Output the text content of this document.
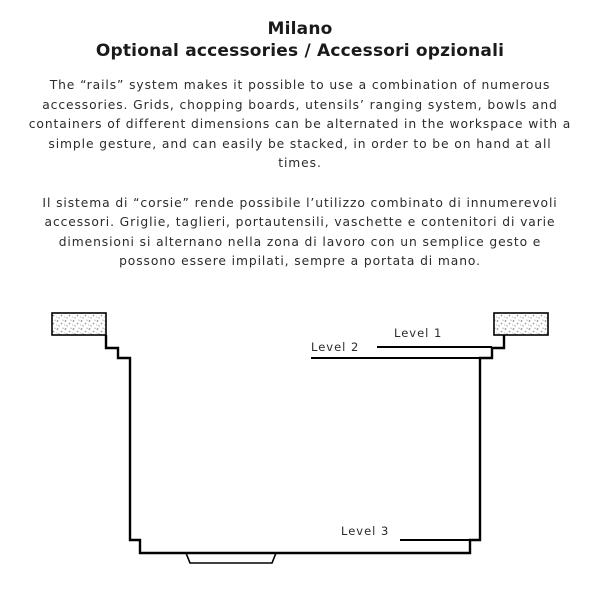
Milano
Optional accessories / Accessori opzionali
The “rails” system makes it possible to use a combination of numerous accessories. Grids, chopping boards, utensils’ ranging system, bowls and containers of different dimensions can be alternated in the workspace with a simple gesture, and can easily be stacked, in order to be on hand at all times.
Il sistema di “corsie” rende possibile l’utilizzo combinato di innumerevoli accessori. Griglie, taglieri, portautensili, vaschette e contenitori di varie dimensioni si alternano nella zona di lavoro con un semplice gesto e possono essere impilati, sempre a portata di mano.
Level 1
Level 2
Level 3
